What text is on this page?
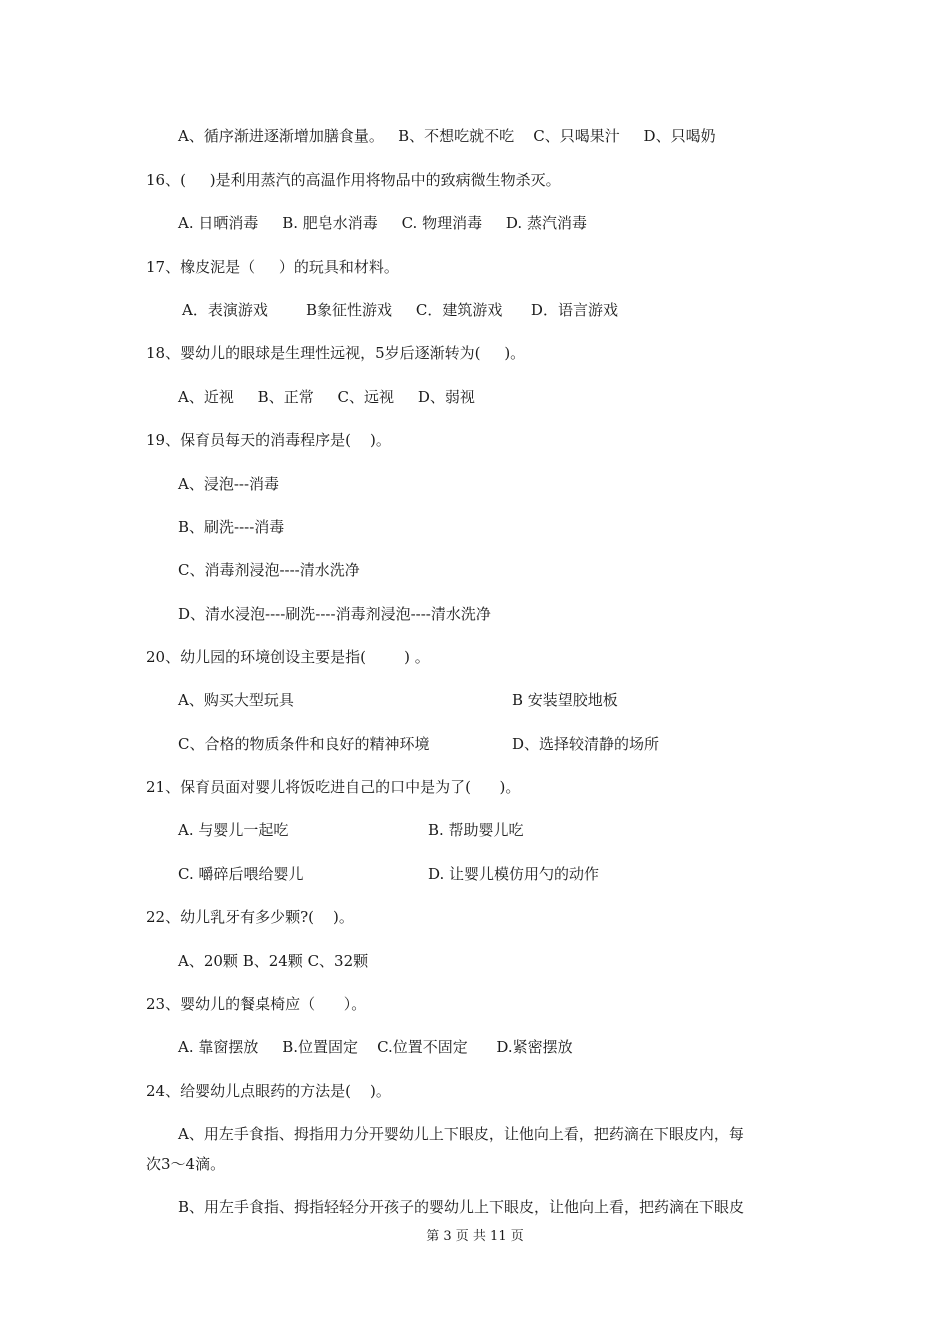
A、循序渐进逐渐增加膳食量。   B、不想吃就不吃    C、只喝果汁     D、只喝奶
16、(     )是利用蒸汽的高温作用将物品中的致病微生物杀灭。
A. 日晒消毒     B. 肥皂水消毒     C. 物理消毒     D. 蒸汽消毒
17、橡皮泥是（     ）的玩具和材料。
A．表演游戏        B象征性游戏     C．建筑游戏      D．语言游戏
18、婴幼儿的眼球是生理性远视，5岁后逐渐转为(     )。
A、近视     B、正常     C、远视     D、弱视
19、保育员每天的消毒程序是(    )。
A、浸泡---消毒
B、刷洗----消毒
C、消毒剂浸泡----清水洗净
D、清水浸泡----刷洗----消毒剂浸泡----清水洗净
20、幼儿园的环境创设主要是指(        ) 。
A、购买大型玩具	B 安装望胶地板
C、合格的物质条件和良好的精神环境	D、选择较清静的场所
21、保育员面对婴儿将饭吃进自己的口中是为了(      )。
A. 与婴儿一起吃	B. 帮助婴儿吃
C. 嚼碎后喂给婴儿	D. 让婴儿模仿用勺的动作
22、幼儿乳牙有多少颗?(    )。
A、20颗 B、24颗 C、32颗
23、婴幼儿的餐桌椅应（      ）。
A. 靠窗摆放     B.位置固定    C.位置不固定      D.紧密摆放
24、给婴幼儿点眼药的方法是(    )。
A、用左手食指、拇指用力分开婴幼儿上下眼皮，让他向上看，把药滴在下眼皮内，每
次3～4滴。
B、用左手食指、拇指轻轻分开孩子的婴幼儿上下眼皮，让他向上看，把药滴在下眼皮
第 3 页 共 11 页
